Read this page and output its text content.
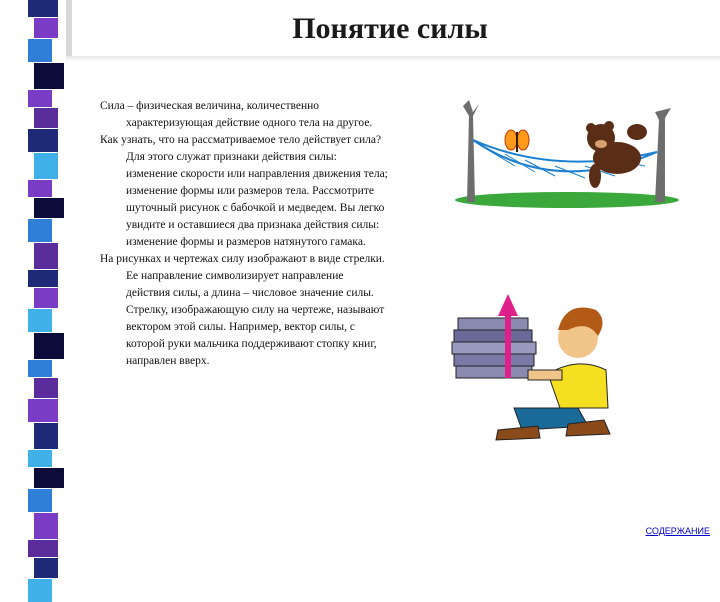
Понятие силы

Сила – физическая величина, количественно характеризующая действие одного тела на другое.

Как узнать, что на рассматриваемое тело действует сила? Для этого служат признаки действия силы: изменение скорости или направления движения тела; изменение формы или размеров тела. Рассмотрите шуточный рисунок с бабочкой и медведем. Вы легко увидите и оставшиеся два признака действия силы: изменение формы и размеров натянутого гамака.

На рисунках и чертежах силу изображают в виде стрелки. Ее направление символизирует направление действия силы, а длина – числовое значение силы. Стрелку, изображающую силу на чертеже, называют вектором этой силы. Например, вектор силы, с которой руки мальчика поддерживают стопку книг, направлен вверх.

СОДЕРЖАНИЕ
